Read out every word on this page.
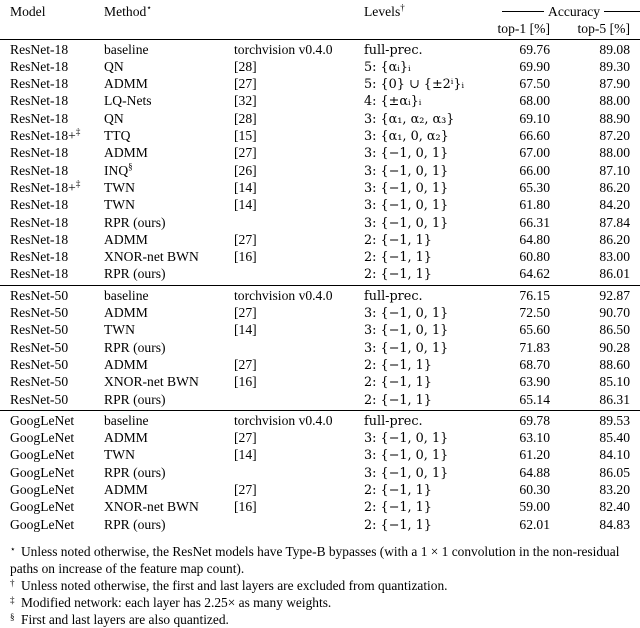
Model	Method⋆		Levels†	Accuracy	
				top-1 [%]	top-5 [%]
ResNet-18	baseline	torchvision v0.4.0	full-prec.	69.76	89.08
ResNet-18	QN	[28]	5: {αᵢ}ᵢ	69.90	89.30
ResNet-18	ADMM	[27]	5: {0} ∪ {±2ⁱ}ᵢ	67.50	87.90
ResNet-18	LQ-Nets	[32]	4: {±αᵢ}ᵢ	68.00	88.00
ResNet-18	QN	[28]	3: {α₁, α₂, α₃}	69.10	88.90
ResNet-18+‡	TTQ	[15]	3: {α₁, 0, α₂}	66.60	87.20
ResNet-18	ADMM	[27]	3: {−1, 0, 1}	67.00	88.00
ResNet-18	INQ§	[26]	3: {−1, 0, 1}	66.00	87.10
ResNet-18+‡	TWN	[14]	3: {−1, 0, 1}	65.30	86.20
ResNet-18	TWN	[14]	3: {−1, 0, 1}	61.80	84.20
ResNet-18	RPR (ours)		3: {−1, 0, 1}	66.31	87.84
ResNet-18	ADMM	[27]	2: {−1, 1}	64.80	86.20
ResNet-18	XNOR-net BWN	[16]	2: {−1, 1}	60.80	83.00
ResNet-18	RPR (ours)		2: {−1, 1}	64.62	86.01
ResNet-50	baseline	torchvision v0.4.0	full-prec.	76.15	92.87
ResNet-50	ADMM	[27]	3: {−1, 0, 1}	72.50	90.70
ResNet-50	TWN	[14]	3: {−1, 0, 1}	65.60	86.50
ResNet-50	RPR (ours)		3: {−1, 0, 1}	71.83	90.28
ResNet-50	ADMM	[27]	2: {−1, 1}	68.70	88.60
ResNet-50	XNOR-net BWN	[16]	2: {−1, 1}	63.90	85.10
ResNet-50	RPR (ours)		2: {−1, 1}	65.14	86.31
GoogLeNet	baseline	torchvision v0.4.0	full-prec.	69.78	89.53
GoogLeNet	ADMM	[27]	3: {−1, 0, 1}	63.10	85.40
GoogLeNet	TWN	[14]	3: {−1, 0, 1}	61.20	84.10
GoogLeNet	RPR (ours)		3: {−1, 0, 1}	64.88	86.05
GoogLeNet	ADMM	[27]	2: {−1, 1}	60.30	83.20
GoogLeNet	XNOR-net BWN	[16]	2: {−1, 1}	59.00	82.40
GoogLeNet	RPR (ours)		2: {−1, 1}	62.01	84.83
⋆ Unless noted otherwise, the ResNet models have Type-B bypasses (with a 1 × 1 convolution in the non-residual paths on increase of the feature map count).
† Unless noted otherwise, the first and last layers are excluded from quantization.
‡ Modified network: each layer has 2.25× as many weights.
§ First and last layers are also quantized.
